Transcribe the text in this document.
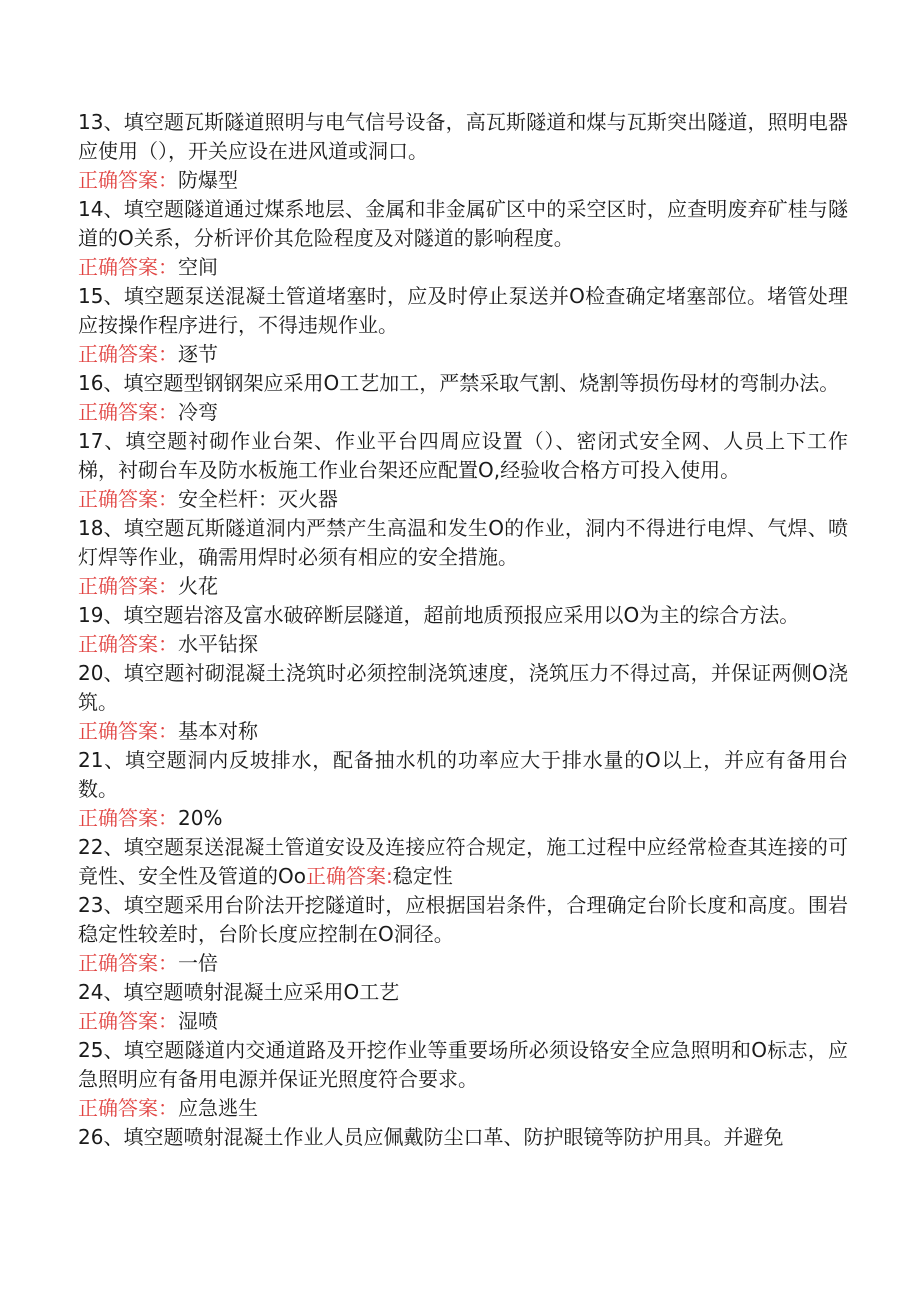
13、填空题瓦斯隧道照明与电气信号设备，高瓦斯隧道和煤与瓦斯突出隧道，照明电器应使用（），开关应设在进风道或洞口。

正确答案：防爆型

14、填空题隧道通过煤系地层、金属和非金属矿区中的采空区时，应查明废弃矿桂与隧道的O关系，分析评价其危险程度及对隧道的影响程度。

正确答案：空间

15、填空题泵送混凝土管道堵塞时，应及时停止泵送并O检查确定堵塞部位。堵管处理应按操作程序进行，不得违规作业。

正确答案：逐节

16、填空题型钢钢架应采用O工艺加工，严禁采取气割、烧割等损伤母材的弯制办法。

正确答案：冷弯

17、填空题衬砌作业台架、作业平台四周应设置（）、密闭式安全网、人员上下工作梯，衬砌台车及防水板施工作业台架还应配置O,经验收合格方可投入使用。

正确答案：安全栏杆：灭火器

18、填空题瓦斯隧道洞内严禁产生高温和发生O的作业，洞内不得进行电焊、气焊、喷灯焊等作业，确需用焊时必须有相应的安全措施。

正确答案：火花

19、填空题岩溶及富水破碎断层隧道，超前地质预报应采用以O为主的综合方法。

正确答案：水平钻探

20、填空题衬砌混凝土浇筑时必须控制浇筑速度，浇筑压力不得过高，并保证两侧O浇筑。

正确答案：基本对称

21、填空题洞内反坡排水，配备抽水机的功率应大于排水量的O以上，并应有备用台数。

正确答案：20%

22、填空题泵送混凝土管道安设及连接应符合规定，施工过程中应经常检查其连接的可竟性、安全性及管道的Oo正确答案:稳定性

23、填空题采用台阶法开挖隧道时，应根据国岩条件，合理确定台阶长度和高度。围岩稳定性较差时，台阶长度应控制在O洞径。

正确答案：一倍

24、填空题喷射混凝土应采用O工艺

正确答案：湿喷

25、填空题隧道内交通道路及开挖作业等重要场所必须设铬安全应急照明和O标志，应急照明应有备用电源并保证光照度符合要求。

正确答案：应急逃生

26、填空题喷射混凝土作业人员应佩戴防尘口革、防护眼镜等防护用具。并避免
